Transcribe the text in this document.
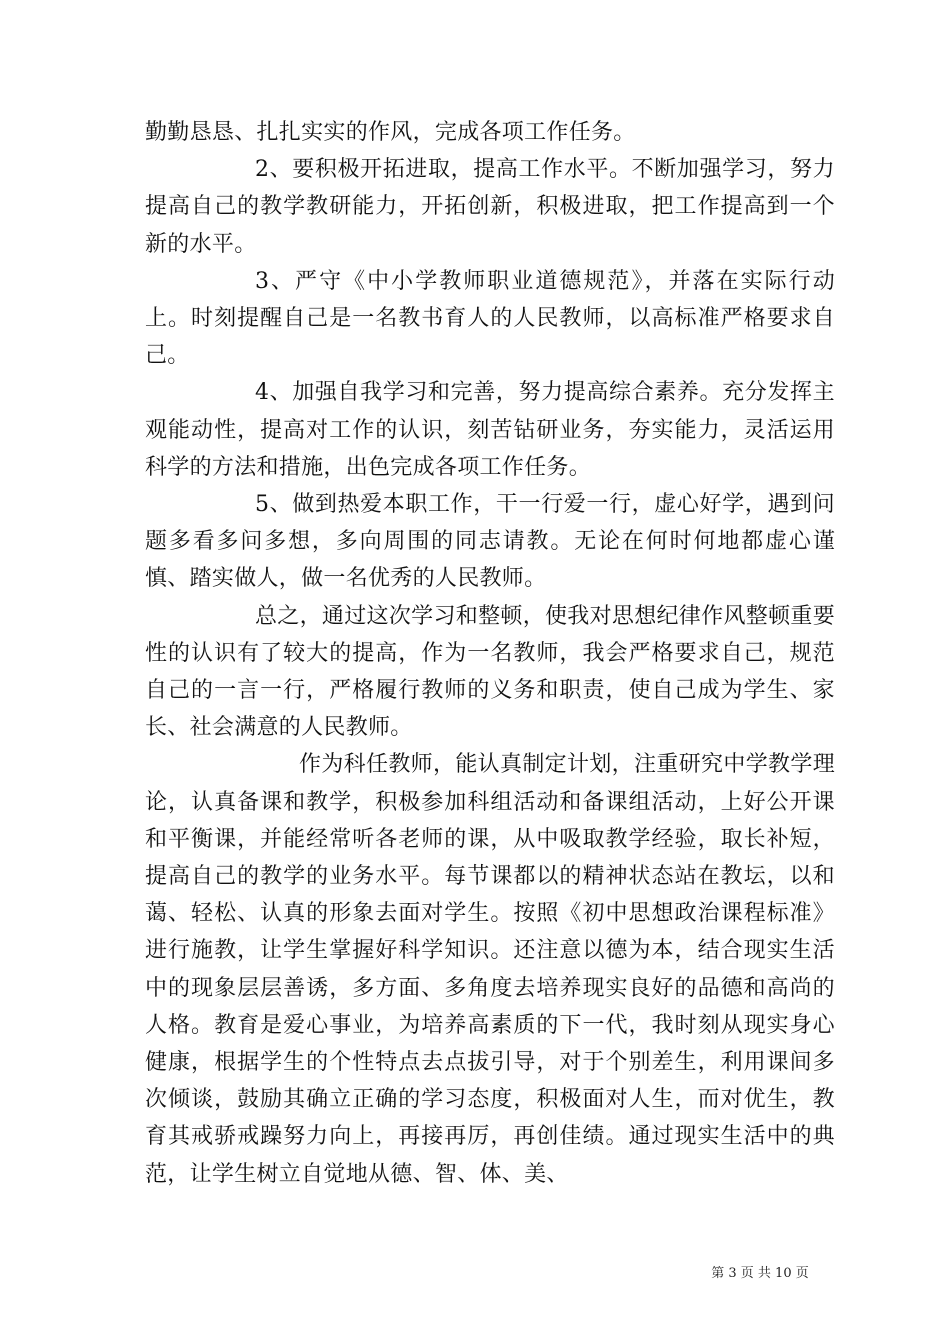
勤勤恳恳、扎扎实实的作风，完成各项工作任务。

2、要积极开拓进取，提高工作水平。不断加强学习，努力提高自己的教学教研能力，开拓创新，积极进取，把工作提高到一个新的水平。

3、严守《中小学教师职业道德规范》，并落在实际行动上。时刻提醒自己是一名教书育人的人民教师，以高标准严格要求自己。

4、加强自我学习和完善，努力提高综合素养。充分发挥主观能动性，提高对工作的认识，刻苦钻研业务，夯实能力，灵活运用科学的方法和措施，出色完成各项工作任务。

5、做到热爱本职工作，干一行爱一行，虚心好学，遇到问题多看多问多想，多向周围的同志请教。无论在何时何地都虚心谨慎、踏实做人，做一名优秀的人民教师。

总之，通过这次学习和整顿，使我对思想纪律作风整顿重要性的认识有了较大的提高，作为一名教师，我会严格要求自己，规范自己的一言一行，严格履行教师的义务和职责，使自己成为学生、家长、社会满意的人民教师。

作为科任教师，能认真制定计划，注重研究中学教学理论，认真备课和教学，积极参加科组活动和备课组活动，上好公开课和平衡课，并能经常听各老师的课，从中吸取教学经验，取长补短，提高自己的教学的业务水平。每节课都以的精神状态站在教坛，以和蔼、轻松、认真的形象去面对学生。按照《初中思想政治课程标准》进行施教，让学生掌握好科学知识。还注意以德为本，结合现实生活中的现象层层善诱，多方面、多角度去培养现实良好的品德和高尚的人格。教育是爱心事业，为培养高素质的下一代，我时刻从现实身心健康，根据学生的个性特点去点拔引导，对于个别差生，利用课间多次倾谈，鼓励其确立正确的学习态度，积极面对人生，而对优生，教育其戒骄戒躁努力向上，再接再厉，再创佳绩。通过现实生活中的典范，让学生树立自觉地从德、智、体、美、

第 3 页 共 10 页
